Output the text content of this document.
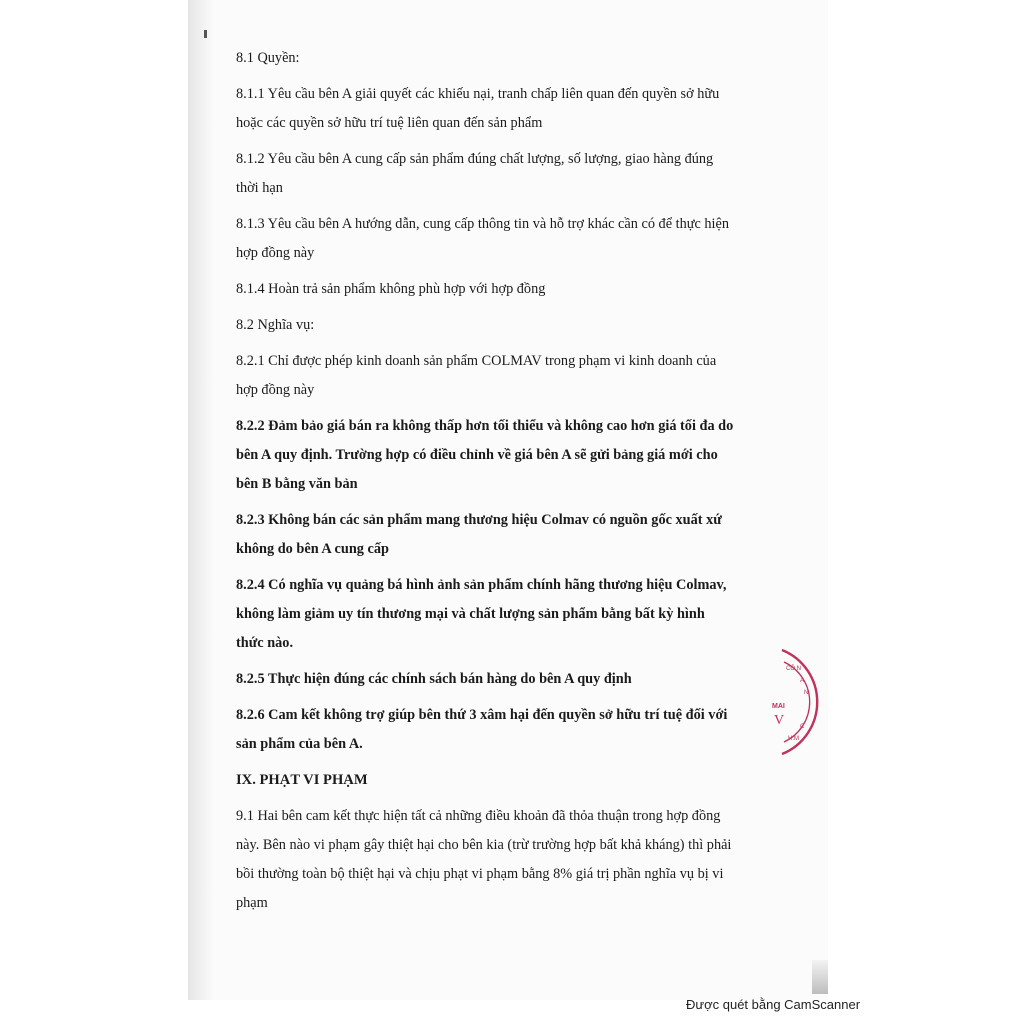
8.1 Quyền:
8.1.1 Yêu cầu bên A giải quyết các khiếu nại, tranh chấp liên quan đến quyền sở hữu
hoặc các quyền sở hữu trí tuệ liên quan đến sản phẩm
8.1.2 Yêu cầu bên A cung cấp sản phẩm đúng chất lượng, số lượng, giao hàng đúng
thời hạn
8.1.3 Yêu cầu bên A hướng dẫn, cung cấp thông tin và hỗ trợ khác cần có để thực hiện
hợp đồng này
8.1.4 Hoàn trả sản phẩm không phù hợp với hợp đồng
8.2 Nghĩa vụ:
8.2.1 Chỉ được phép kinh doanh sản phẩm COLMAV trong phạm vi kinh doanh của
hợp đồng này
8.2.2 Đảm bảo giá bán ra không thấp hơn tối thiểu và không cao hơn giá tối đa do
bên A quy định. Trường hợp có điều chỉnh về giá bên A sẽ gửi bảng giá mới cho
bên B bằng văn bản
8.2.3 Không bán các sản phẩm mang thương hiệu Colmav có nguồn gốc xuất xứ
không do bên A cung cấp
8.2.4 Có nghĩa vụ quảng bá hình ảnh sản phẩm chính hãng thương hiệu Colmav,
không làm giảm uy tín thương mại và chất lượng sản phẩm bằng bất kỳ hình
thức nào.
8.2.5 Thực hiện đúng các chính sách bán hàng do bên A quy định
8.2.6 Cam kết không trợ giúp bên thứ 3 xâm hại đến quyền sở hữu trí tuệ đối với
sản phẩm của bên A.
IX. PHẠT VI PHẠM
9.1 Hai bên cam kết thực hiện tất cả những điều khoản đã thỏa thuận trong hợp đồng
này. Bên nào vi phạm gây thiệt hại cho bên kia (trừ trường hợp bất khả kháng) thì phải
bồi thường toàn bộ thiệt hại và chịu phạt vi phạm bằng 8% giá trị phần nghĩa vụ bị vi
phạm
CÔ N
A
N
C
H.M
MAI
V
Được quét bằng CamScanner
